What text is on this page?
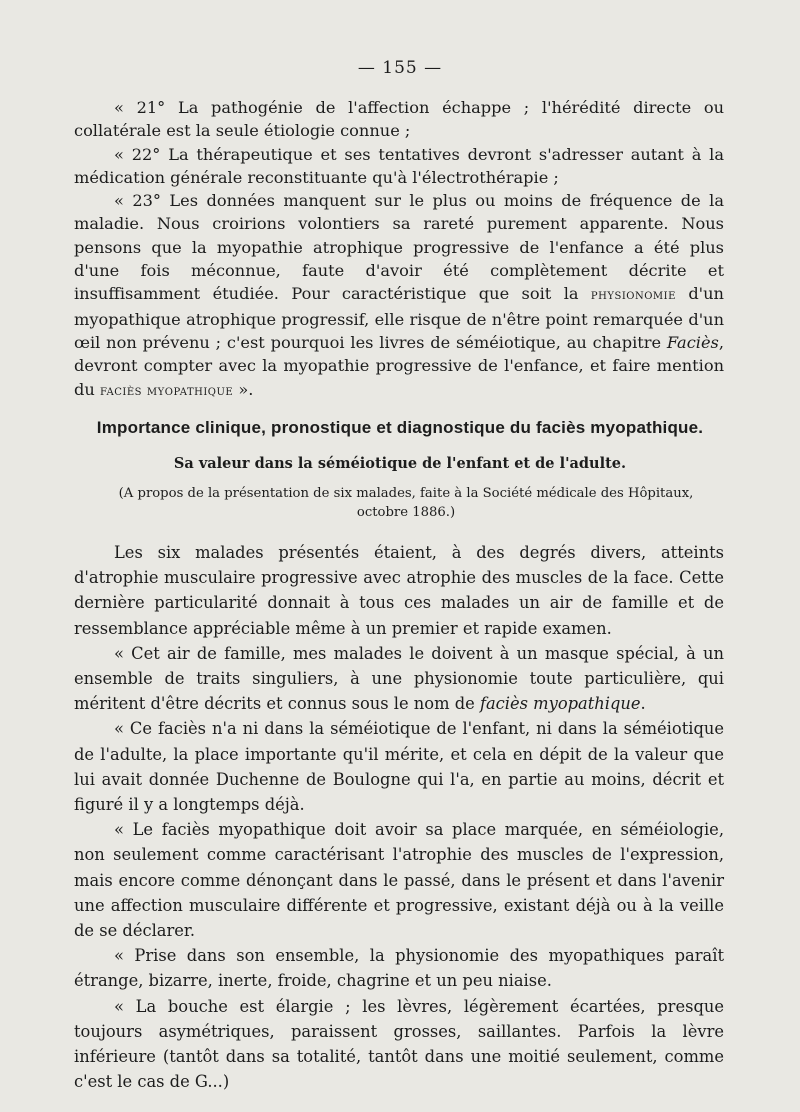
— 155 —

« 21° La pathogénie de l'affection échappe ; l'hérédité directe ou collatérale est la seule étiologie connue ;

« 22° La thérapeutique et ses tentatives devront s'adresser autant à la médication générale reconstituante qu'à l'électrothérapie ;

« 23° Les données manquent sur le plus ou moins de fréquence de la maladie. Nous croirions volontiers sa rareté purement apparente. Nous pensons que la myopathie atrophique progressive de l'enfance a été plus d'une fois méconnue, faute d'avoir été complètement décrite et insuffisamment étudiée. Pour caractéristique que soit la physionomie d'un myopathique atrophique progressif, elle risque de n'être point remarquée d'un œil non prévenu ; c'est pourquoi les livres de séméiotique, au chapitre Faciès, devront compter avec la myopathie progressive de l'enfance, et faire mention du faciès myopathique ».

Importance clinique, pronostique et diagnostique du faciès myopathique.
Sa valeur dans la séméiotique de l'enfant et de l'adulte.
(A propos de la présentation de six malades, faite à la Société médicale des Hôpitaux, octobre 1886.)

Les six malades présentés étaient, à des degrés divers, atteints d'atrophie musculaire progressive avec atrophie des muscles de la face. Cette dernière particularité donnait à tous ces malades un air de famille et de ressemblance appréciable même à un premier et rapide examen.

« Cet air de famille, mes malades le doivent à un masque spécial, à un ensemble de traits singuliers, à une physionomie toute particulière, qui méritent d'être décrits et connus sous le nom de faciès myopathique.

« Ce faciès n'a ni dans la séméiotique de l'enfant, ni dans la séméiotique de l'adulte, la place importante qu'il mérite, et cela en dépit de la valeur que lui avait donnée Duchenne de Boulogne qui l'a, en partie au moins, décrit et figuré il y a longtemps déjà.

« Le faciès myopathique doit avoir sa place marquée, en séméiologie, non seulement comme caractérisant l'atrophie des muscles de l'expression, mais encore comme dénonçant dans le passé, dans le présent et dans l'avenir une affection musculaire différente et progressive, existant déjà ou à la veille de se déclarer.

« Prise dans son ensemble, la physionomie des myopathiques paraît étrange, bizarre, inerte, froide, chagrine et un peu niaise.

« La bouche est élargie ; les lèvres, légèrement écartées, presque toujours asymétriques, paraissent grosses, saillantes. Parfois la lèvre inférieure (tantôt dans sa totalité, tantôt dans une moitié seulement, comme c'est le cas de G...)
